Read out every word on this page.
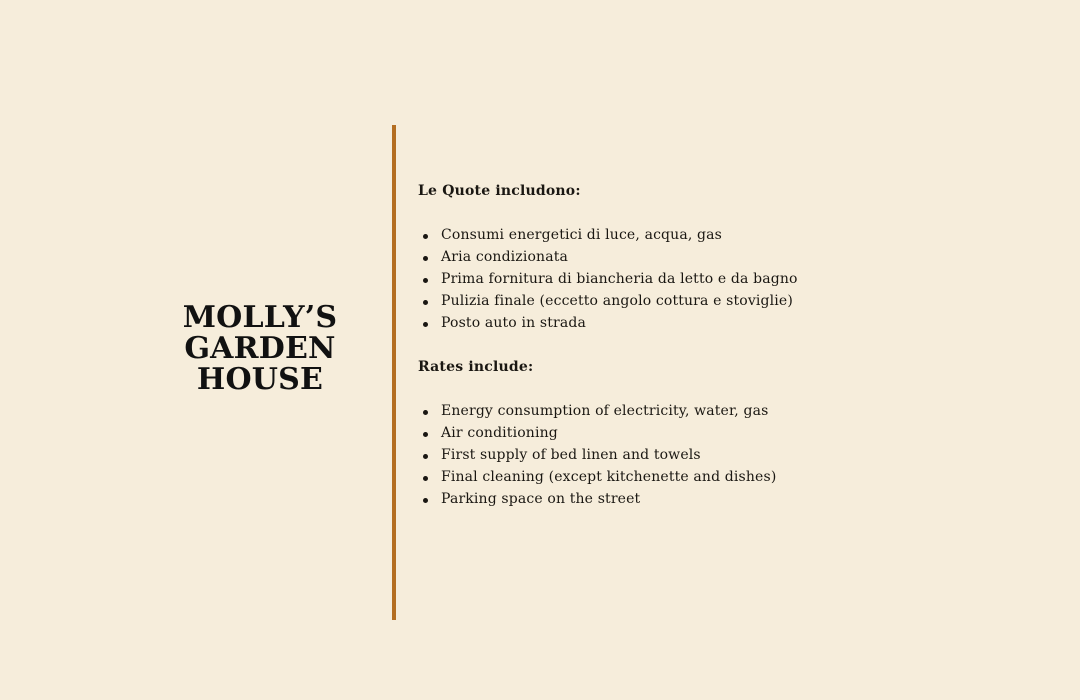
MOLLY’S
GARDEN
HOUSE

Le Quote includono:

Consumi energetici di luce, acqua, gas
Aria condizionata
Prima fornitura di biancheria da letto e da bagno
Pulizia finale (eccetto angolo cottura e stoviglie)
Posto auto in strada

Rates include:

Energy consumption of electricity, water, gas
Air conditioning
First supply of bed linen and towels
Final cleaning (except kitchenette and dishes)
Parking space on the street
